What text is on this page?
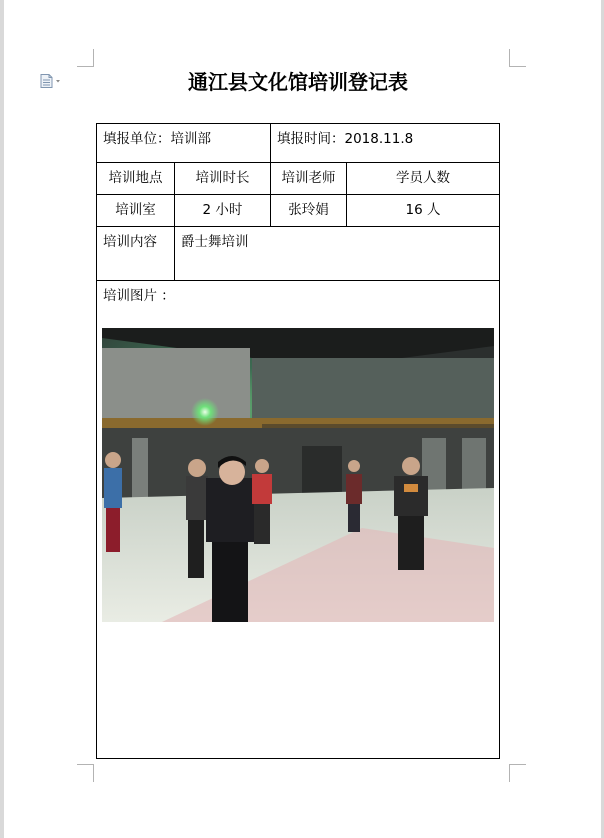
通江县文化馆培训登记表
填报单位：培训部	填报时间：2018.11.8
培训地点	培训时长	培训老师	学员人数
培训室	2 小时	张玲娟	16 人
培训内容	爵士舞培训
培训图片 ：
